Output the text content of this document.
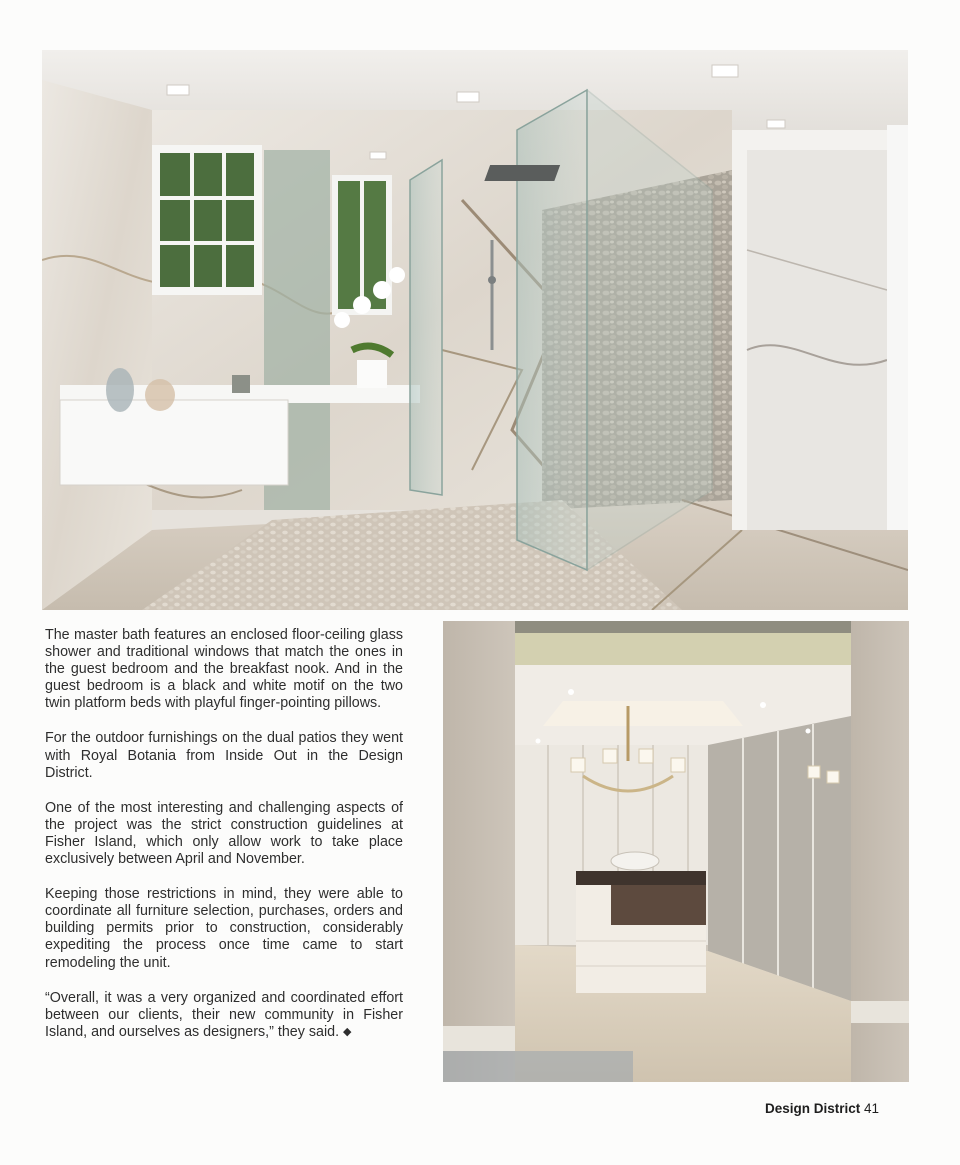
The master bath features an enclosed floor-ceiling glass shower and traditional windows that match the ones in the guest bedroom and the breakfast nook. And in the guest bedroom is a black and white motif on the two twin platform beds with playful finger-pointing pillows.

For the outdoor furnishings on the dual patios they went with Royal Botania from Inside Out in the Design District.

One of the most interesting and challenging aspects of the project was the strict construction guidelines at Fisher Island, which only allow work to take place exclusively between April and November.

Keeping those restrictions in mind, they were able to coordinate all furniture selection, purchases, orders and building permits prior to construction, considerably expediting the process once time came to start remodeling the unit.

“Overall, it was a very organized and coordinated effort between our clients, their new community in Fisher Island, and ourselves as designers,” they said. ◆

Design District 41
